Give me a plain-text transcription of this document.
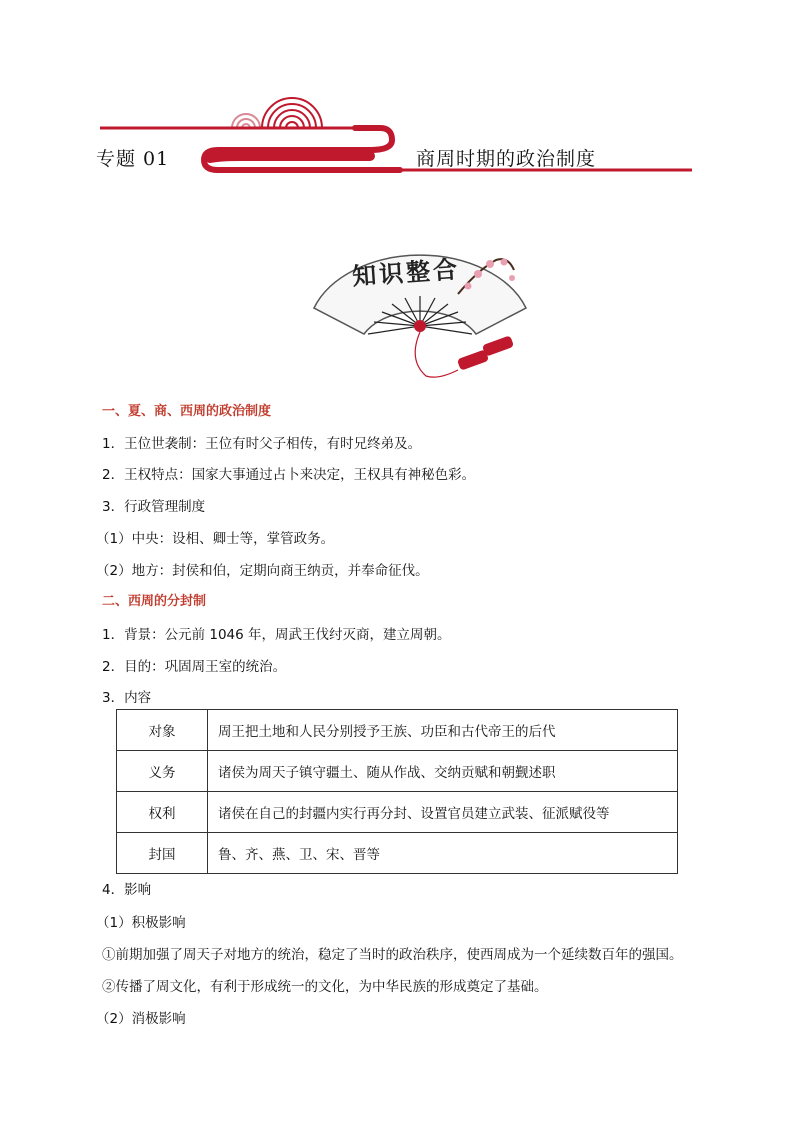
专题 01	商周时期的政治制度
知识整合
一、夏、商、西周的政治制度
1．王位世袭制：王位有时父子相传，有时兄终弟及。
2．王权特点：国家大事通过占卜来决定，王权具有神秘色彩。
3．行政管理制度
（1）中央：设相、卿士等，掌管政务。
（2）地方：封侯和伯，定期向商王纳贡，并奉命征伐。
二、西周的分封制
1．背景：公元前 1046 年，周武王伐纣灭商，建立周朝。
2．目的：巩固周王室的统治。
3．内容
对象	周王把土地和人民分别授予王族、功臣和古代帝王的后代
义务	诸侯为周天子镇守疆土、随从作战、交纳贡赋和朝觐述职
权利	诸侯在自己的封疆内实行再分封、设置官员建立武装、征派赋役等
封国	鲁、齐、燕、卫、宋、晋等
4．影响
（1）积极影响
①前期加强了周天子对地方的统治，稳定了当时的政治秩序，使西周成为一个延续数百年的强国。
②传播了周文化，有利于形成统一的文化，为中华民族的形成奠定了基础。
（2）消极影响
